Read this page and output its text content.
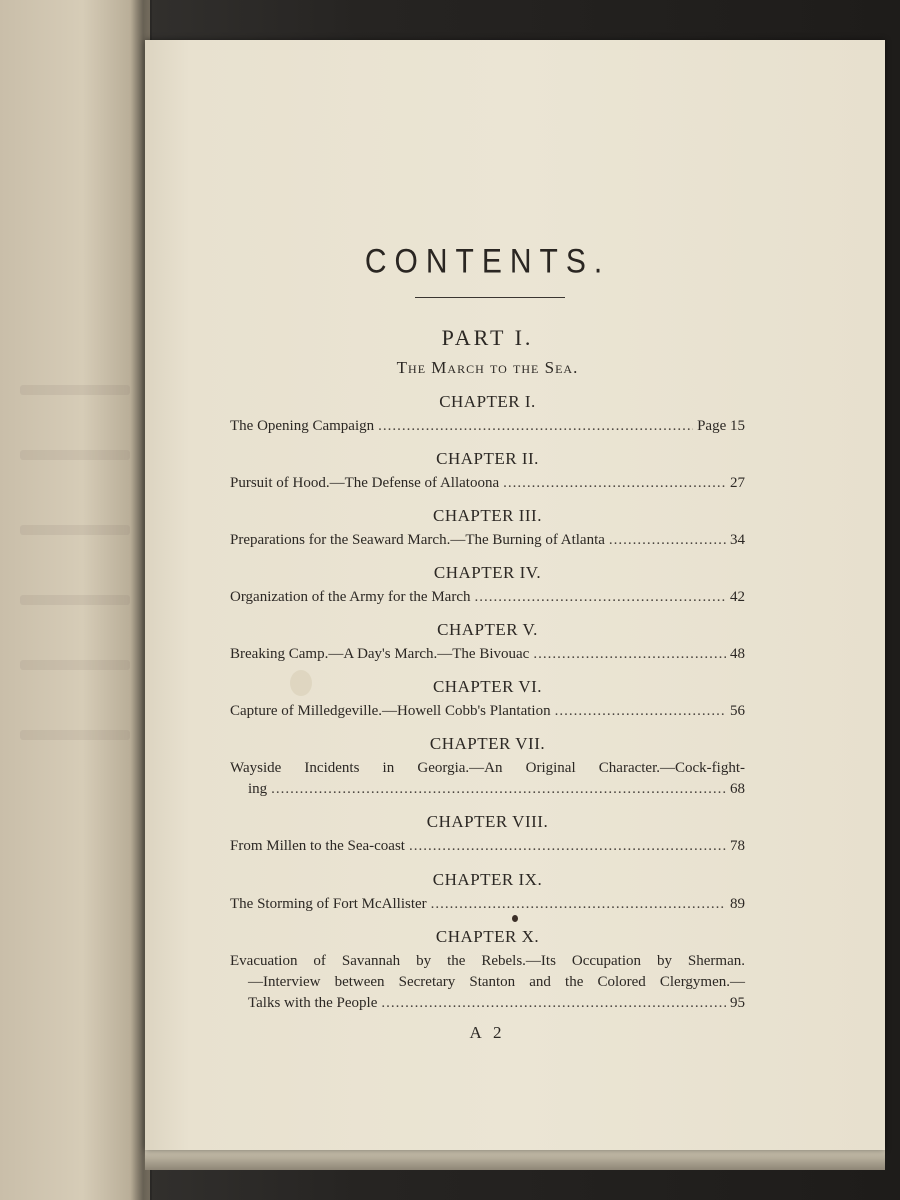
CONTENTS.
PART I.
The March to the Sea.
CHAPTER I.
The Opening Campaign .....	Page 15
CHAPTER II.
Pursuit of Hood.—The Defense of Allatoona .....	27
CHAPTER III.
Preparations for the Seaward March.—The Burning of Atlanta .....	34
CHAPTER IV.
Organization of the Army for the March .....	42
CHAPTER V.
Breaking Camp.—A Day's March.—The Bivouac .....	48
CHAPTER VI.
Capture of Milledgeville.—Howell Cobb's Plantation .....	56
CHAPTER VII.
Wayside Incidents in Georgia.—An Original Character.—Cock-fight-
ing .....	68
CHAPTER VIII.
From Millen to the Sea-coast .....	78
CHAPTER IX.
The Storming of Fort McAllister .....	89
CHAPTER X.
Evacuation of Savannah by the Rebels.—Its Occupation by Sherman.
—Interview between Secretary Stanton and the Colored Clergymen.—
Talks with the People .....	95
A 2
